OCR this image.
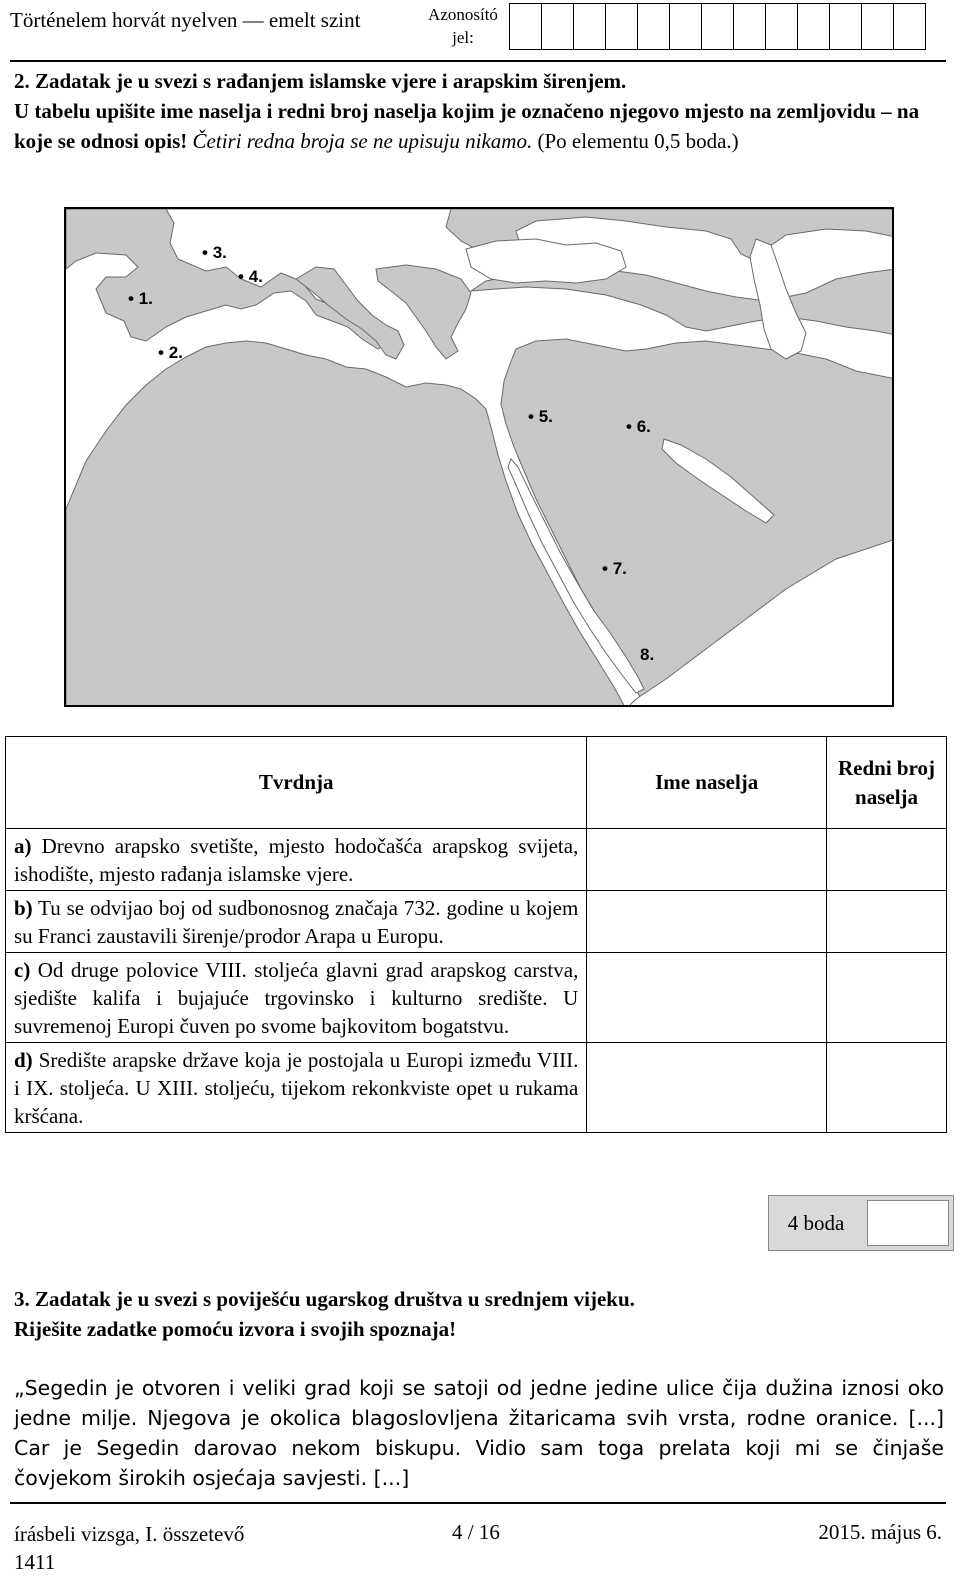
Történelem horvát nyelven — emelt szint	Azonosító
jel:
2. Zadatak je u svezi s rađanjem islamske vjere i arapskim širenjem.
U tabelu upišite ime naselja i redni broj naselja kojim je označeno njegovo mjesto na zemljovidu – na koje se odnosi opis! Četiri redna broja se ne upisuju nikamo. (Po elementu 0,5 boda.)
• 1.
• 2.
• 3.
• 4.
• 5.
• 6.
• 7.
8.
Tvrdnja	Ime naselja	Redni broj naselja
a) Drevno arapsko svetište, mjesto hodočašća arapskog svijeta, ishodište, mjesto rađanja islamske vjere.		
b) Tu se odvijao boj od sudbonosnog značaja 732. godine u kojem su Franci zaustavili širenje/prodor Arapa u Europu.		
c) Od druge polovice VIII. stoljeća glavni grad arapskog carstva, sjedište kalifa i bujajuće trgovinsko i kulturno središte. U suvremenoj Europi čuven po svome bajkovitom bogatstvu.		
d) Središte arapske države koja je postojala u Europi između VIII. i IX. stoljeća. U XIII. stoljeću, tijekom rekonkviste opet u rukama kršćana.		
4 boda
3. Zadatak je u svezi s poviješću ugarskog društva u srednjem vijeku.
Riješite zadatke pomoću izvora i svojih spoznaja!
„Segedin je otvoren i veliki grad koji se satoji od jedne jedine ulice čija dužina iznosi oko jedne milje. Njegova je okolica blagoslovljena žitaricama svih vrsta, rodne oranice. [...] Car je Segedin darovao nekom biskupu. Vidio sam toga prelata koji mi se činjaše čovjekom širokih osjećaja savjesti. [...]
írásbeli vizsga, I. összetevő
1411
4 / 16	2015. május 6.
